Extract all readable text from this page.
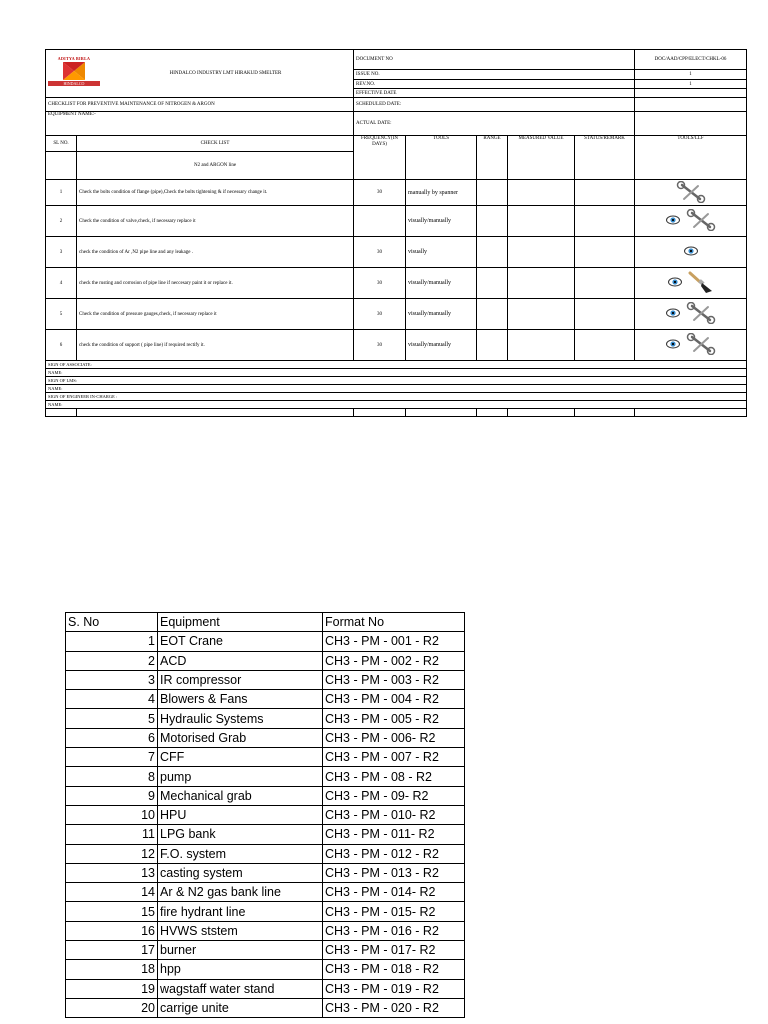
ADITYA BIRLA
HINDALCO
HINDALCO INDUSTRY LMT HIRAKUD SMELTER		DOCUMENT NO					DOC/AAD/CPP/ELECT/CHKL-06
		ISSUE NO.					1
		REV.NO.					1
		EFFECTIVE DATE					
CHECKLIST FOR PREVENTIVE MAINTENANCE OF NITROGEN & ARGON		SCHEDULED DATE:					
EQUIPMENT NAME:-		ACTUAL DATE:					
SL NO.	CHECK LIST	FREQUENCY(IN DAYS)	TOOLS	RANGE	MEASURED VALUE	STATUS/REMARK	TOOLS/LLF
	N2 and ARGON line						
1	Check the bolts condition of flange (pipe),Check the bolts tightening & if necessary change it.	30	manually by spanner				

2	Check the condition of valve,check, if necessary replace it		visually/manually				

3	check the condition of Ar ,N2 pipe line and any leakage .	30	visually				

4	check the rusting and corrosion of pipe line if neccesary paint it or replace it.	30	visually/manually				

5	Check the condition of pressure gauges,check, if necessary replace it	30	visually/manually				

6	check the condition of support ( pipe line) if required rectify it.	30	visually/manually				

SIGN OF ASSOCIATE:							
NAME:							
SIGN OF LMS:							
NAME:							
SIGN OF ENGINEER IN-CHARGE :							
NAME:							

S. No	Equipment	Format No
1	EOT Crane	CH3 - PM - 001 - R2
2	ACD	CH3 - PM - 002 - R2
3	IR compressor	CH3 - PM - 003 - R2
4	Blowers & Fans	CH3 - PM - 004 - R2
5	Hydraulic Systems	CH3 - PM - 005 - R2
6	Motorised Grab	CH3 - PM - 006- R2
7	CFF	CH3 - PM - 007 - R2
8	pump	CH3 - PM - 08 - R2
9	Mechanical grab	CH3 - PM - 09- R2
10	HPU	CH3 - PM - 010- R2
11	LPG bank	CH3 - PM - 011- R2
12	F.O. system	CH3 - PM - 012 - R2
13	casting system	CH3 - PM - 013 - R2
14	Ar & N2 gas bank line	CH3 - PM - 014- R2
15	fire hydrant line	CH3 - PM - 015- R2
16	HVWS ststem	CH3 - PM - 016 - R2
17	burner	CH3 - PM - 017- R2
18	hpp	CH3 - PM - 018 - R2
19	wagstaff water stand	CH3 - PM - 019 - R2
20	carrige unite	CH3 - PM - 020 - R2
